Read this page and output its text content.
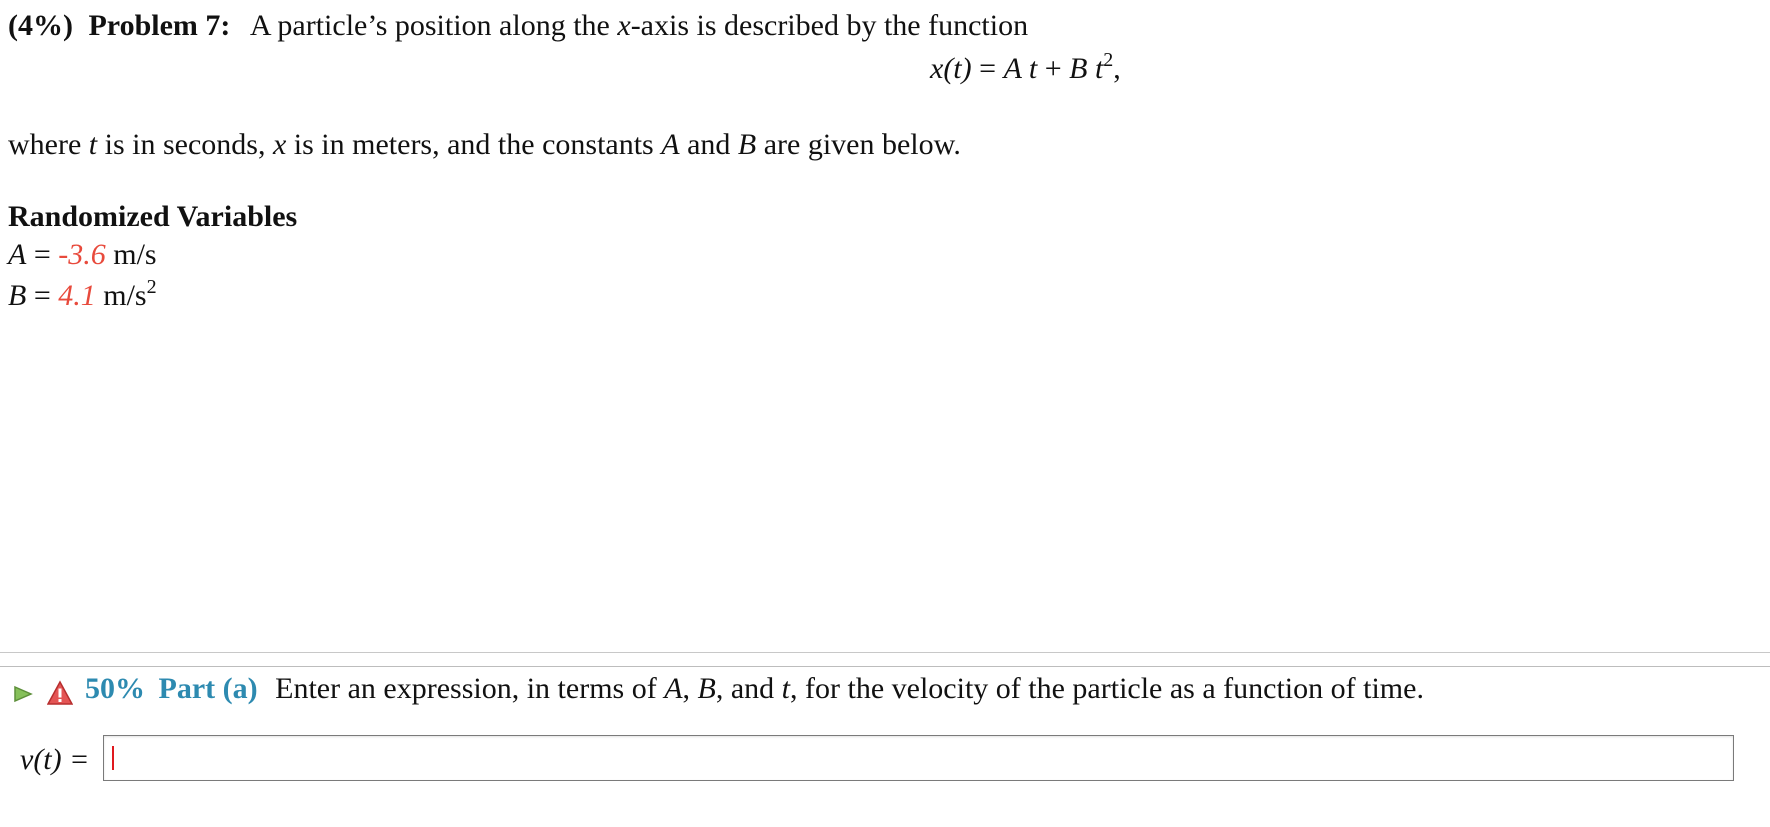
(4%) Problem 7: A particle’s position along the x-axis is described by the function
x(t) = A t + B $t^2$,
where t is in seconds, x is in meters, and the constants A and B are given below.
Randomized Variables
A = -3.6 m/s
B = 4.1 $m/s^2$
50% Part (a) Enter an expression, in terms of A, B, and t, for the velocity of the particle as a function of time.
v(t) =
